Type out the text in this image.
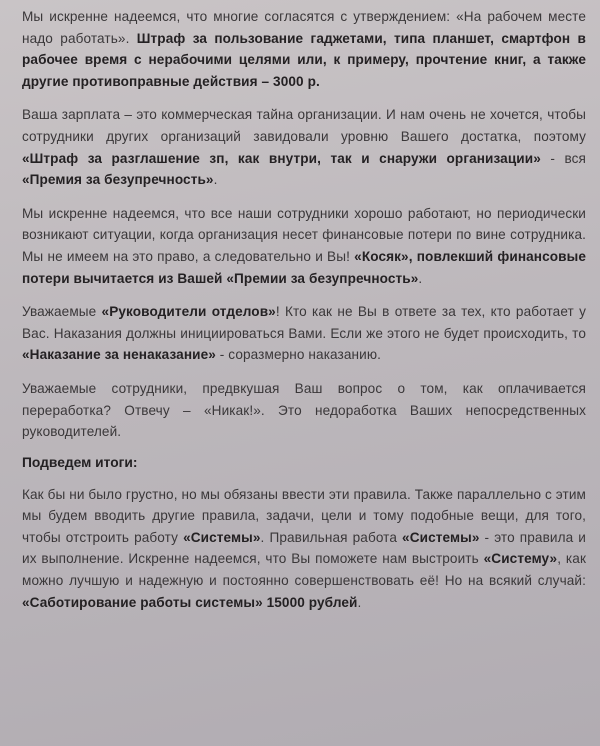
Мы искренне надеемся, что многие согласятся с утверждением: «На рабочем месте надо работать». Штраф за пользование гаджетами, типа планшет, смартфон в рабочее время с нерабочими целями или, к примеру, прочтение книг, а также другие противоправные действия – 3000 р.

Ваша зарплата – это коммерческая тайна организации. И нам очень не хочется, чтобы сотрудники других организаций завидовали уровню Вашего достатка, поэтому «Штраф за разглашение зп, как внутри, так и снаружи организации» - вся «Премия за безупречность».

Мы искренне надеемся, что все наши сотрудники хорошо работают, но периодически возникают ситуации, когда организация несет финансовые потери по вине сотрудника. Мы не имеем на это право, а следовательно и Вы! «Косяк», повлекший финансовые потери вычитается из Вашей «Премии за безупречность».

Уважаемые «Руководители отделов»! Кто как не Вы в ответе за тех, кто работает у Вас. Наказания должны инициироваться Вами. Если же этого не будет происходить, то «Наказание за ненаказание» - соразмерно наказанию.

Уважаемые сотрудники, предвкушая Ваш вопрос о том, как оплачивается переработка? Отвечу – «Никак!». Это недоработка Ваших непосредственных руководителей.

Подведем итоги:

Как бы ни было грустно, но мы обязаны ввести эти правила. Также параллельно с этим мы будем вводить другие правила, задачи, цели и тому подобные вещи, для того, чтобы отстроить работу «Системы». Правильная работа «Системы» - это правила и их выполнение. Искренне надеемся, что Вы поможете нам выстроить «Систему», как можно лучшую и надежную и постоянно совершенствовать её! Но на всякий случай: «Саботирование работы системы» 15000 рублей.
